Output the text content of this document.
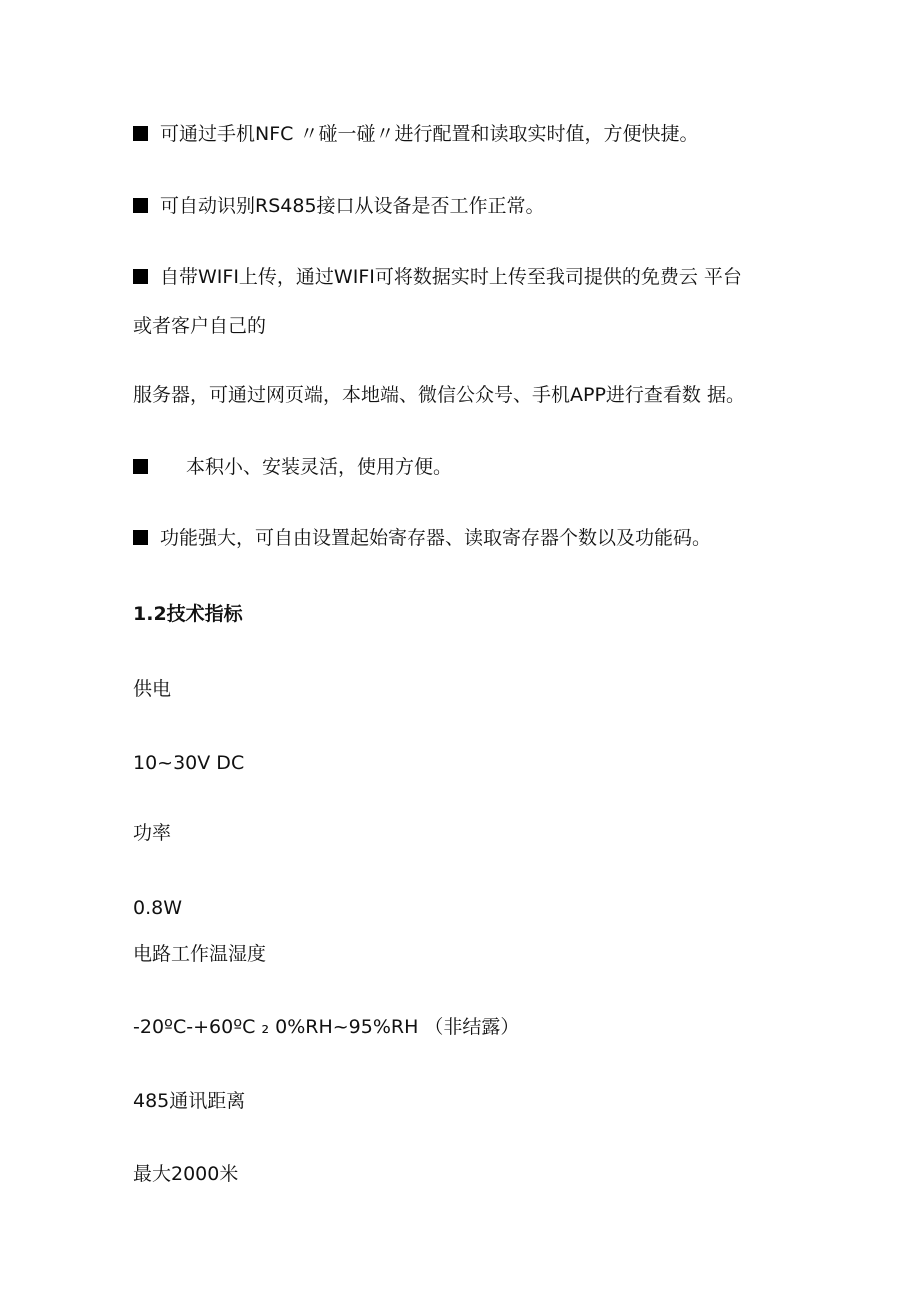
可通过手机NFC 〃碰一碰〃进行配置和读取实时值，方便快捷。
可自动识别RS485接口从设备是否工作正常。
自带WIFI上传，通过WIFI可将数据实时上传至我司提供的免费云 平台
或者客户自己的
服务器，可通过网页端，本地端、微信公众号、手机APP进行查看数 据。
本积小、安装灵活，使用方便。
功能强大，可自由设置起始寄存器、读取寄存器个数以及功能码。
1.2技术指标
供电
10~30V DC
功率
0.8W
电路工作温湿度
-20ºC-+60ºC ₂ 0%RH~95%RH （非结露）
485通讯距离
最大2000米
